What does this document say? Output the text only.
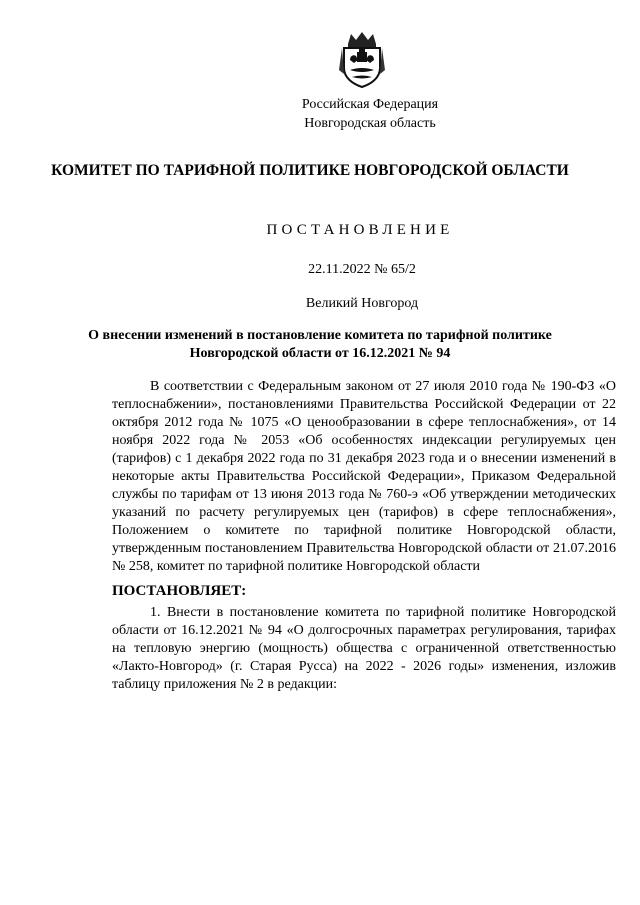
Российская Федерация
Новгородская область
КОМИТЕТ ПО ТАРИФНОЙ ПОЛИТИКЕ НОВГОРОДСКОЙ ОБЛАСТИ
ПОСТАНОВЛЕНИЕ
22.11.2022 № 65/2
Великий Новгород
О внесении изменений в постановление комитета по тарифной политике Новгородской области от 16.12.2021 № 94
В соответствии с Федеральным законом от 27 июля 2010 года № 190-ФЗ «О теплоснабжении», постановлениями Правительства Российской Федерации от 22 октября 2012 года № 1075 «О ценообразовании в сфере теплоснабжения», от 14 ноября 2022 года № 2053 «Об особенностях индексации регулируемых цен (тарифов) с 1 декабря 2022 года по 31 декабря 2023 года и о внесении изменений в некоторые акты Правительства Российской Федерации», Приказом Федеральной службы по тарифам от 13 июня 2013 года № 760-э «Об утверждении методических указаний по расчету регулируемых цен (тарифов) в сфере теплоснабжения», Положением о комитете по тарифной политике Новгородской области, утвержденным постановлением Правительства Новгородской области от 21.07.2016 № 258, комитет по тарифной политике Новгородской области
ПОСТАНОВЛЯЕТ:
1. Внести в постановление комитета по тарифной политике Новгородской области от 16.12.2021 № 94 «О долгосрочных параметрах регулирования, тарифах на тепловую энергию (мощность) общества с ограниченной ответственностью «Лакто-Новгород» (г. Старая Русса) на 2022 - 2026 годы» изменения, изложив таблицу приложения № 2 в редакции:
